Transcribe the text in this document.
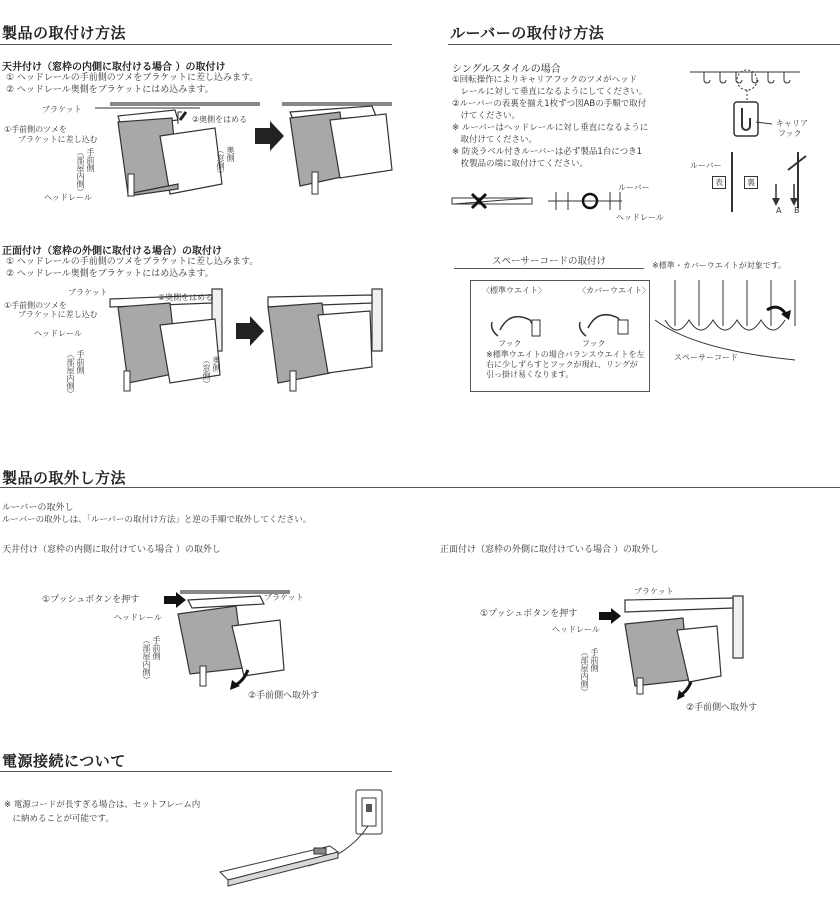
製品の取付け方法
天井付け（窓枠の内側に取付ける場合 ）の取付け
① ヘッドレールの手前側のツメをブラケットに差し込みます。
② ヘッドレール奥側をブラケットにはめ込みます。
ブラケット
②奥側をはめる
①手前側のツメを
ブラケットに差し込む
手前側
（部屋内側）
ヘッドレール
奥側
（窓側）
正面付け（窓枠の外側に取付ける場合）の取付け
① ヘッドレールの手前側のツメをブラケットに差し込みます。
② ヘッドレール奥側をブラケットにはめ込みます。
ブラケット
②奥側をはめる
①手前側のツメを
ブラケットに差し込む
ヘッドレール
手前側
（部屋内側）	奥側
（窓側）
ルーバーの取付け方法
シングルスタイルの場合
①回転操作によりキャリアフックのツメがヘッド
　レールに対して垂直になるようにしてください。
②ルーバーの表裏を揃え1枚ずつ図ABの手順で取付
　けてください。
※ ルーバーはヘッドレールに対し垂直になるように
　取付けてください。
※ 防炎ラベル付きルーバーは必ず製品1台につき1
　枚製品の端に取付けてください。
ルーバー
ヘッドレール
キャリア
フック
ルーバー
表	裏
A B
スペーサーコードの取付け	※標準・カバーウエイトが対象です。
〈標準ウエイト〉	〈カバーウエイト〉
フック	フック
※標準ウエイトの場合バランスウエイトを左
右に少しずらすとフックが現れ、リングが
引っ掛け易くなります。
スペーサーコード
製品の取外し方法
ルーバーの取外し
ルーバーの取外しは、「ルーバーの取付け方法」と逆の手順で取外してください。
天井付け（窓枠の内側に取付けている場合 ）の取外し	正面付け（窓枠の外側に取付けている場合 ）の取外し
①プッシュボタンを押す	ブラケット
ヘッドレール
手前側
（部屋内側）
②手前側へ取外す
①プッシュボタンを押す
ブラケット
ヘッドレール
手前側
（部屋内側）
②手前側へ取外す
電源接続について
※ 電源コードが長すぎる場合は、セットフレーム内
　に納めることが可能です。
